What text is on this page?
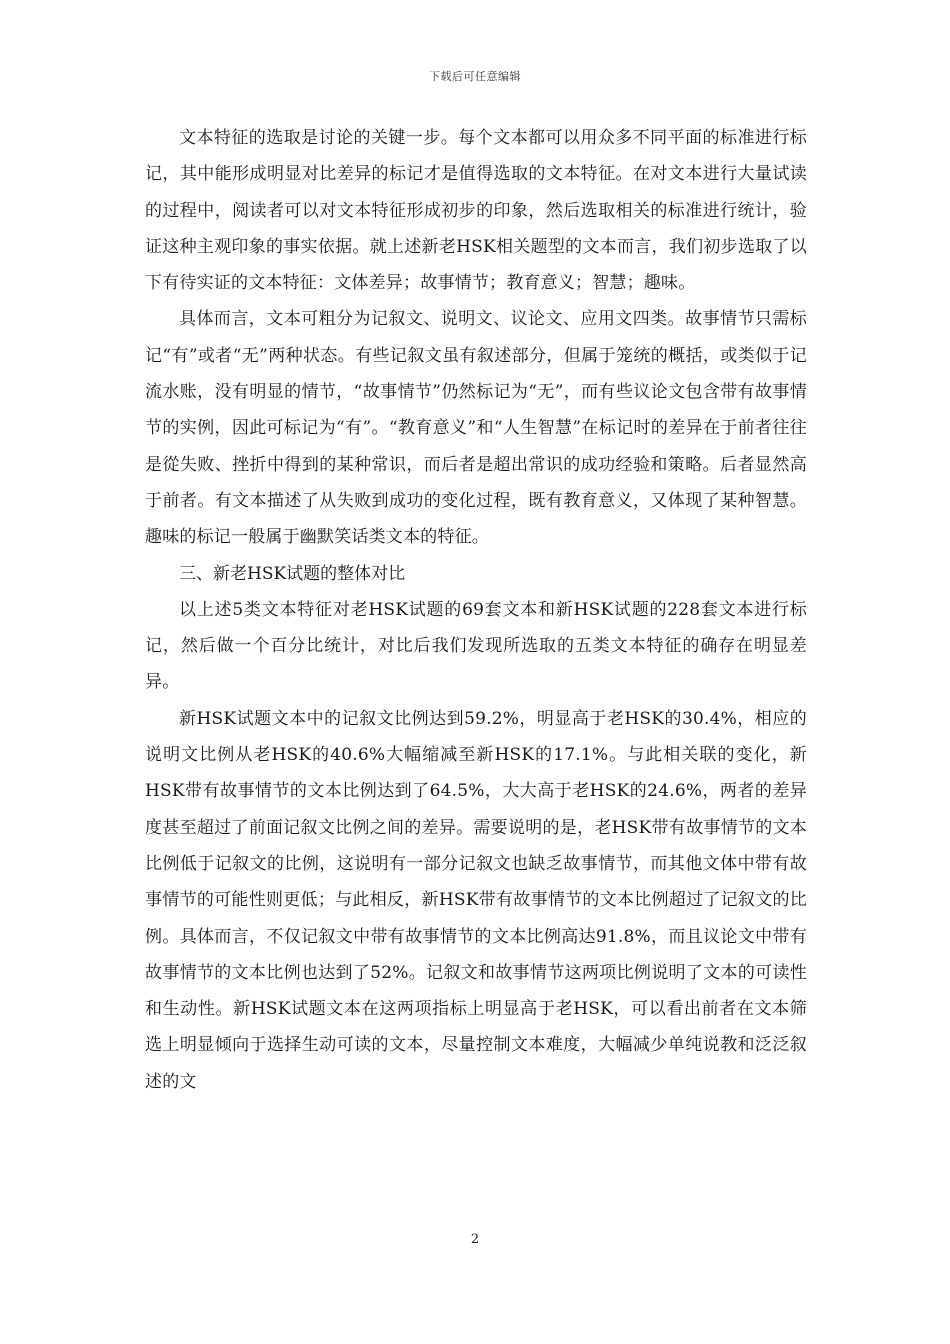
下载后可任意编辑

文本特征的选取是讨论的关键一步。每个文本都可以用众多不同平面的标准进行标记，其中能形成明显对比差异的标记才是值得选取的文本特征。在对文本进行大量试读的过程中，阅读者可以对文本特征形成初步的印象，然后选取相关的标准进行统计，验证这种主观印象的事实依据。就上述新老HSK相关题型的文本而言，我们初步选取了以下有待实证的文本特征：文体差异；故事情节；教育意义；智慧；趣味。

具体而言，文本可粗分为记叙文、说明文、议论文、应用文四类。故事情节只需标记“有”或者“无”两种状态。有些记叙文虽有叙述部分，但属于笼统的概括，或类似于记流水账，没有明显的情节，“故事情节”仍然标记为“无”，而有些议论文包含带有故事情节的实例，因此可标记为“有”。“教育意义”和“人生智慧”在标记时的差异在于前者往往是從失败、挫折中得到的某种常识，而后者是超出常识的成功经验和策略。后者显然高于前者。有文本描述了从失败到成功的变化过程，既有教育意义，又体现了某种智慧。趣味的标记一般属于幽默笑话类文本的特征。

三、新老HSK试题的整体对比

以上述5类文本特征对老HSK试题的69套文本和新HSK试题的228套文本进行标记，然后做一个百分比统计，对比后我们发现所选取的五类文本特征的确存在明显差异。

新HSK试题文本中的记叙文比例达到59.2%，明显高于老HSK的30.4%，相应的说明文比例从老HSK的40.6%大幅缩减至新HSK的17.1%。与此相关联的变化，新HSK带有故事情节的文本比例达到了64.5%，大大高于老HSK的24.6%，两者的差异度甚至超过了前面记叙文比例之间的差异。需要说明的是，老HSK带有故事情节的文本比例低于记叙文的比例，这说明有一部分记叙文也缺乏故事情节，而其他文体中带有故事情节的可能性则更低；与此相反，新HSK带有故事情节的文本比例超过了记叙文的比例。具体而言，不仅记叙文中带有故事情节的文本比例高达91.8%，而且议论文中带有故事情节的文本比例也达到了52%。记叙文和故事情节这两项比例说明了文本的可读性和生动性。新HSK试题文本在这两项指标上明显高于老HSK，可以看出前者在文本筛选上明显倾向于选择生动可读的文本，尽量控制文本难度，大幅减少单纯说教和泛泛叙述的文

2
